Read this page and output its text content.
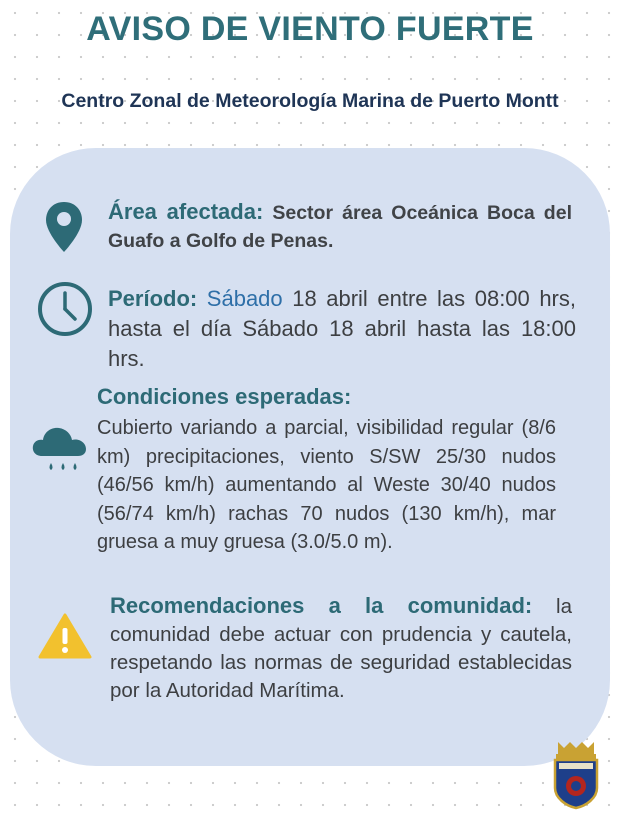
AVISO DE VIENTO FUERTE
Centro Zonal de Meteorología Marina de Puerto Montt
Área afectada: Sector área Oceánica Boca del Guafo a Golfo de Penas.
Período: Sábado 18 abril entre las 08:00 hrs, hasta el día Sábado 18 abril hasta las 18:00 hrs.
Condiciones esperadas:
Cubierto variando a parcial, visibilidad regular (8/6 km) precipitaciones, viento S/SW 25/30 nudos (46/56 km/h) aumentando al Weste 30/40 nudos (56/74 km/h) rachas 70 nudos (130 km/h), mar gruesa a muy gruesa (3.0/5.0 m).
Recomendaciones a la comunidad: la comunidad debe actuar con prudencia y cautela, respetando las normas de seguridad establecidas por la Autoridad Marítima.
